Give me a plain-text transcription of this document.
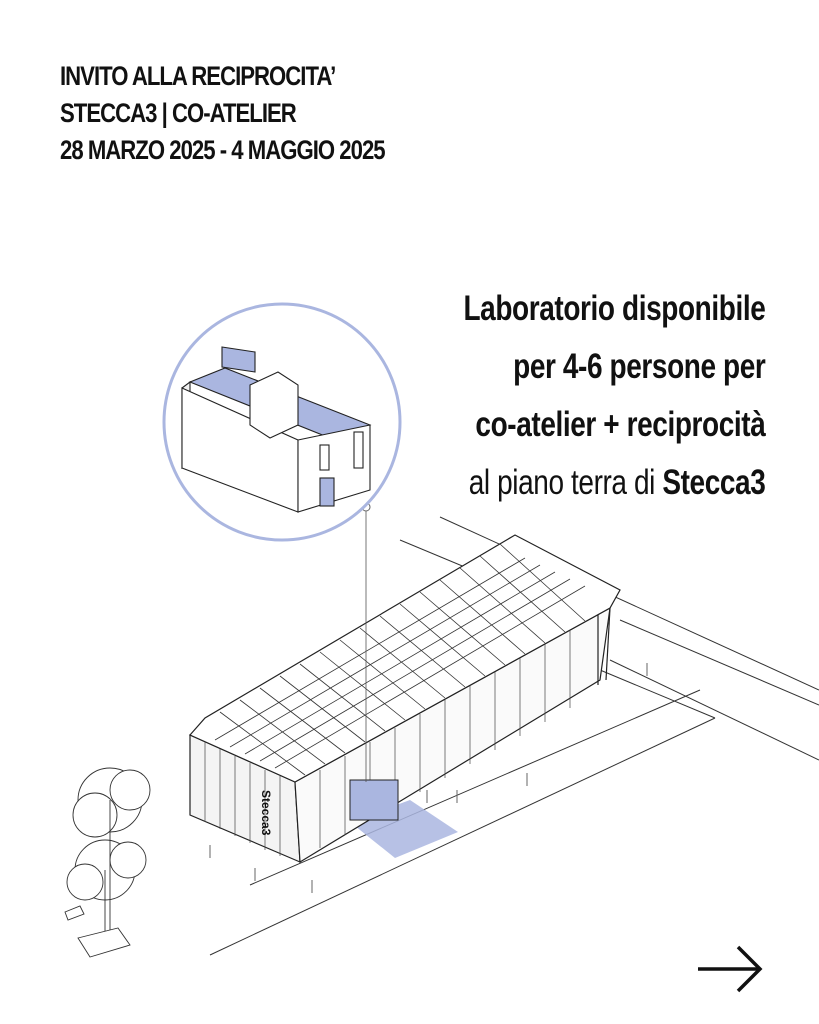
INVITO ALLA RECIPROCITA’
STECCA3 | CO-ATELIER
28 MARZO 2025 - 4 MAGGIO 2025
Laboratorio disponibile
per 4-6 persone per
co-atelier + reciprocità
al piano terra di Stecca3
Stecca3
